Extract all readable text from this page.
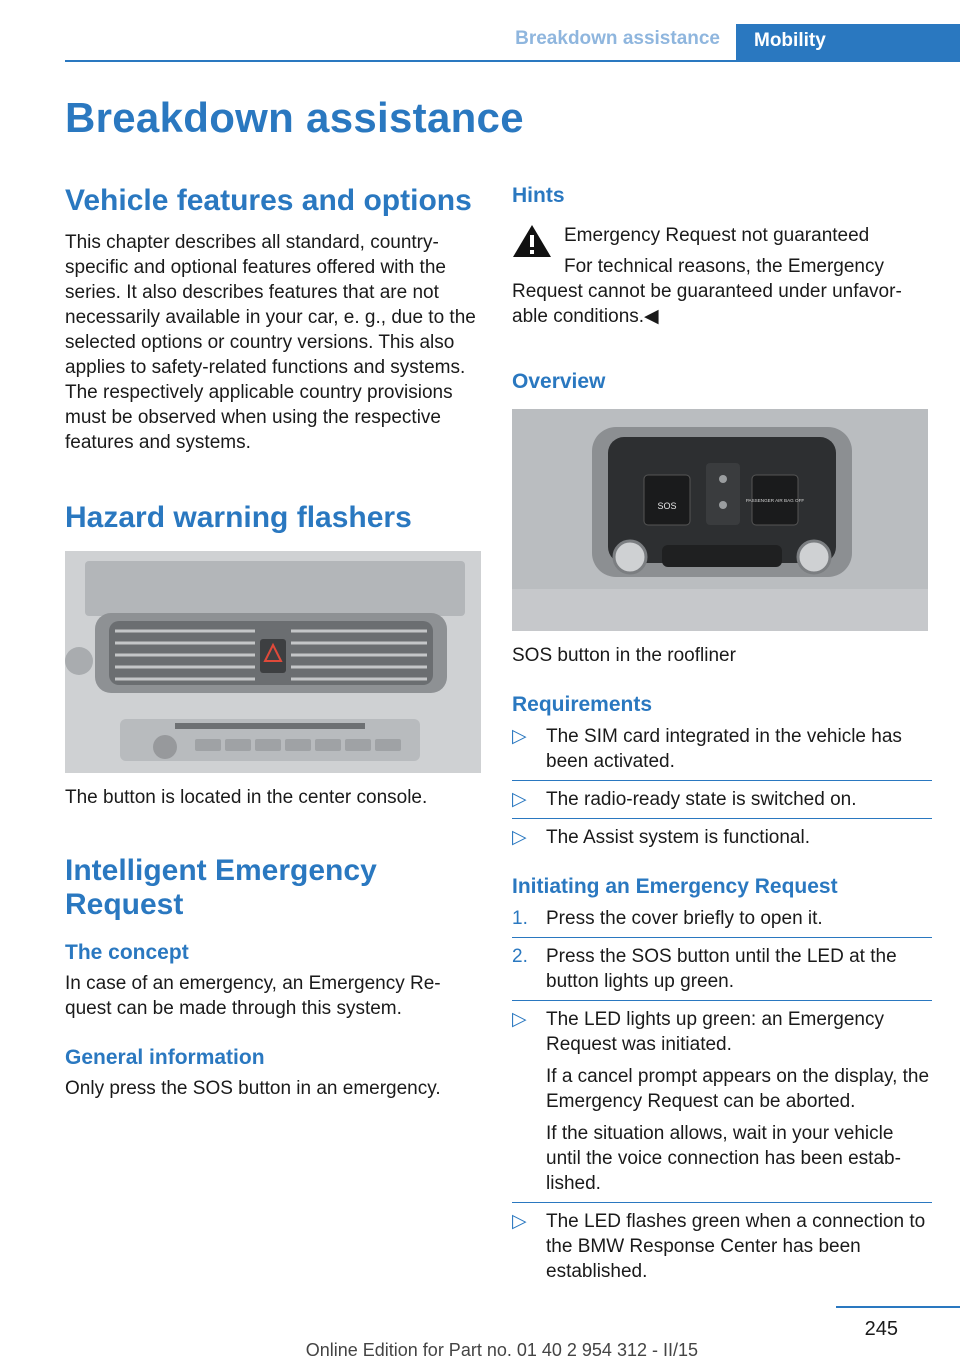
Breakdown assistance	Mobility
Breakdown assistance
Vehicle features and options

This chapter describes all standard, country-specific and optional features offered with the series. It also describes features that are not necessarily available in your car, e. g., due to the selected options or country versions. This also applies to safety-related functions and systems. The respectively applicable country provisions must be observed when using the respective features and systems.

Hazard warning flashers

The button is located in the center console.

Intelligent Emergency Request
The concept

In case of an emergency, an Emergency Re‐quest can be made through this system.

General information

Only press the SOS button in an emergency.

Hints

Emergency Request not guaranteed

For technical reasons, the Emergency Request cannot be guaranteed under unfavor‐able conditions.◀

Overview
SOS
PASSENGER AIR BAG OFF

SOS button in the roofliner

Requirements
▷ The SIM card integrated in the vehicle has been activated.
▷ The radio-ready state is switched on.
▷ The Assist system is functional.
Initiating an Emergency Request
1. Press the cover briefly to open it.
2. Press the SOS button until the LED at the button lights up green.
▷ The LED lights up green: an Emergency Request was initiated.
If a cancel prompt appears on the display, the Emergency Request can be aborted.
If the situation allows, wait in your vehicle until the voice connection has been estab‐lished.
▷ The LED flashes green when a connection to the BMW Response Center has been established.
245
Online Edition for Part no. 01 40 2 954 312 - II/15
